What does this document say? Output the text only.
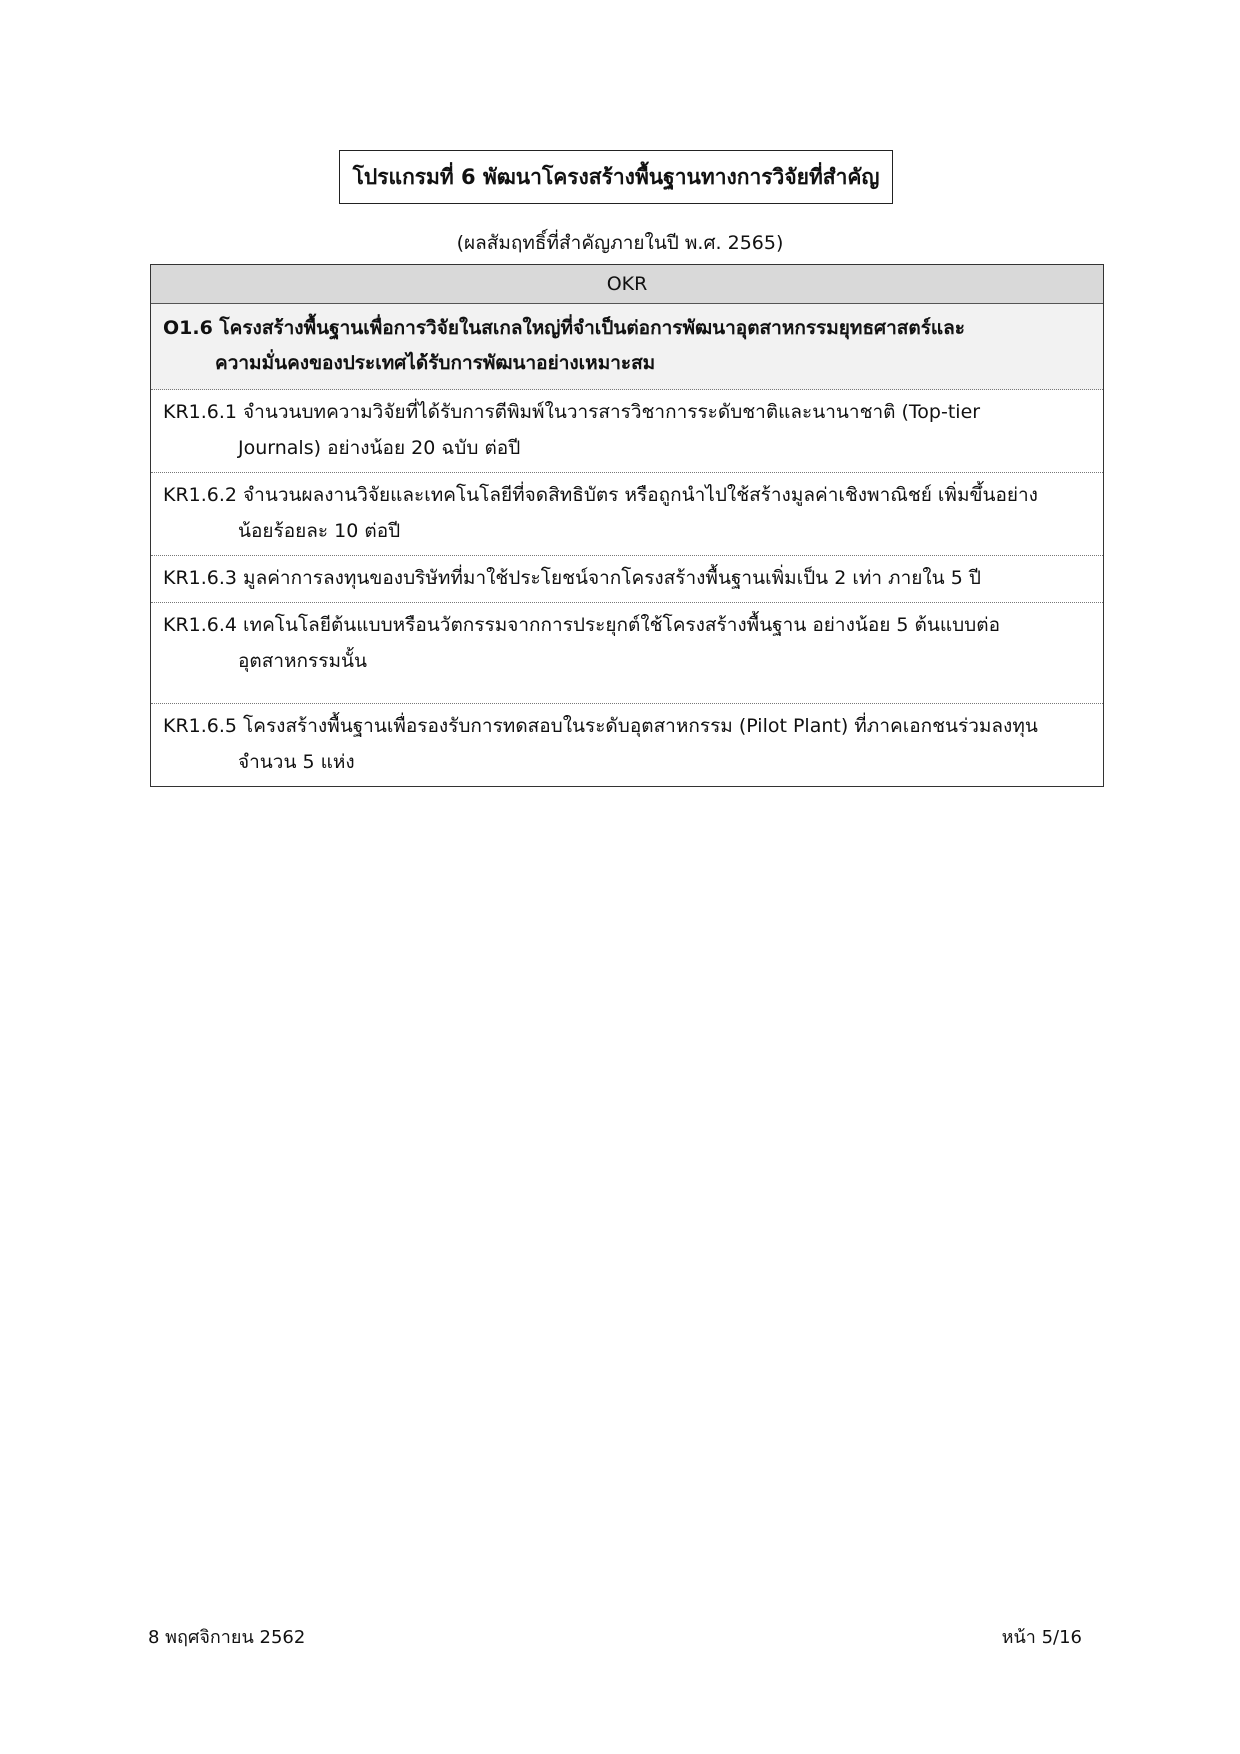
โปรแกรมที่ 6 พัฒนาโครงสร้างพื้นฐานทางการวิจัยที่สำคัญ
(ผลสัมฤทธิ์ที่สำคัญภายในปี พ.ศ. 2565)
OKR
O1.6 โครงสร้างพื้นฐานเพื่อการวิจัยในสเกลใหญ่ที่จำเป็นต่อการพัฒนาอุตสาหกรรมยุทธศาสตร์และ
ความมั่นคงของประเทศได้รับการพัฒนาอย่างเหมาะสม
KR1.6.1 จำนวนบทความวิจัยที่ได้รับการตีพิมพ์ในวารสารวิชาการระดับชาติและนานาชาติ (Top-tier
Journals) อย่างน้อย 20 ฉบับ ต่อปี
KR1.6.2 จำนวนผลงานวิจัยและเทคโนโลยีที่จดสิทธิบัตร หรือถูกนำไปใช้สร้างมูลค่าเชิงพาณิชย์ เพิ่มขึ้นอย่าง
น้อยร้อยละ 10 ต่อปี
KR1.6.3 มูลค่าการลงทุนของบริษัทที่มาใช้ประโยชน์จากโครงสร้างพื้นฐานเพิ่มเป็น 2 เท่า ภายใน 5 ปี
KR1.6.4 เทคโนโลยีต้นแบบหรือนวัตกรรมจากการประยุกต์ใช้โครงสร้างพื้นฐาน อย่างน้อย 5 ต้นแบบต่อ
อุตสาหกรรมนั้น
KR1.6.5 โครงสร้างพื้นฐานเพื่อรองรับการทดสอบในระดับอุตสาหกรรม (Pilot Plant) ที่ภาคเอกชนร่วมลงทุน
จำนวน 5 แห่ง
8 พฤศจิกายน 2562	หน้า 5/16
